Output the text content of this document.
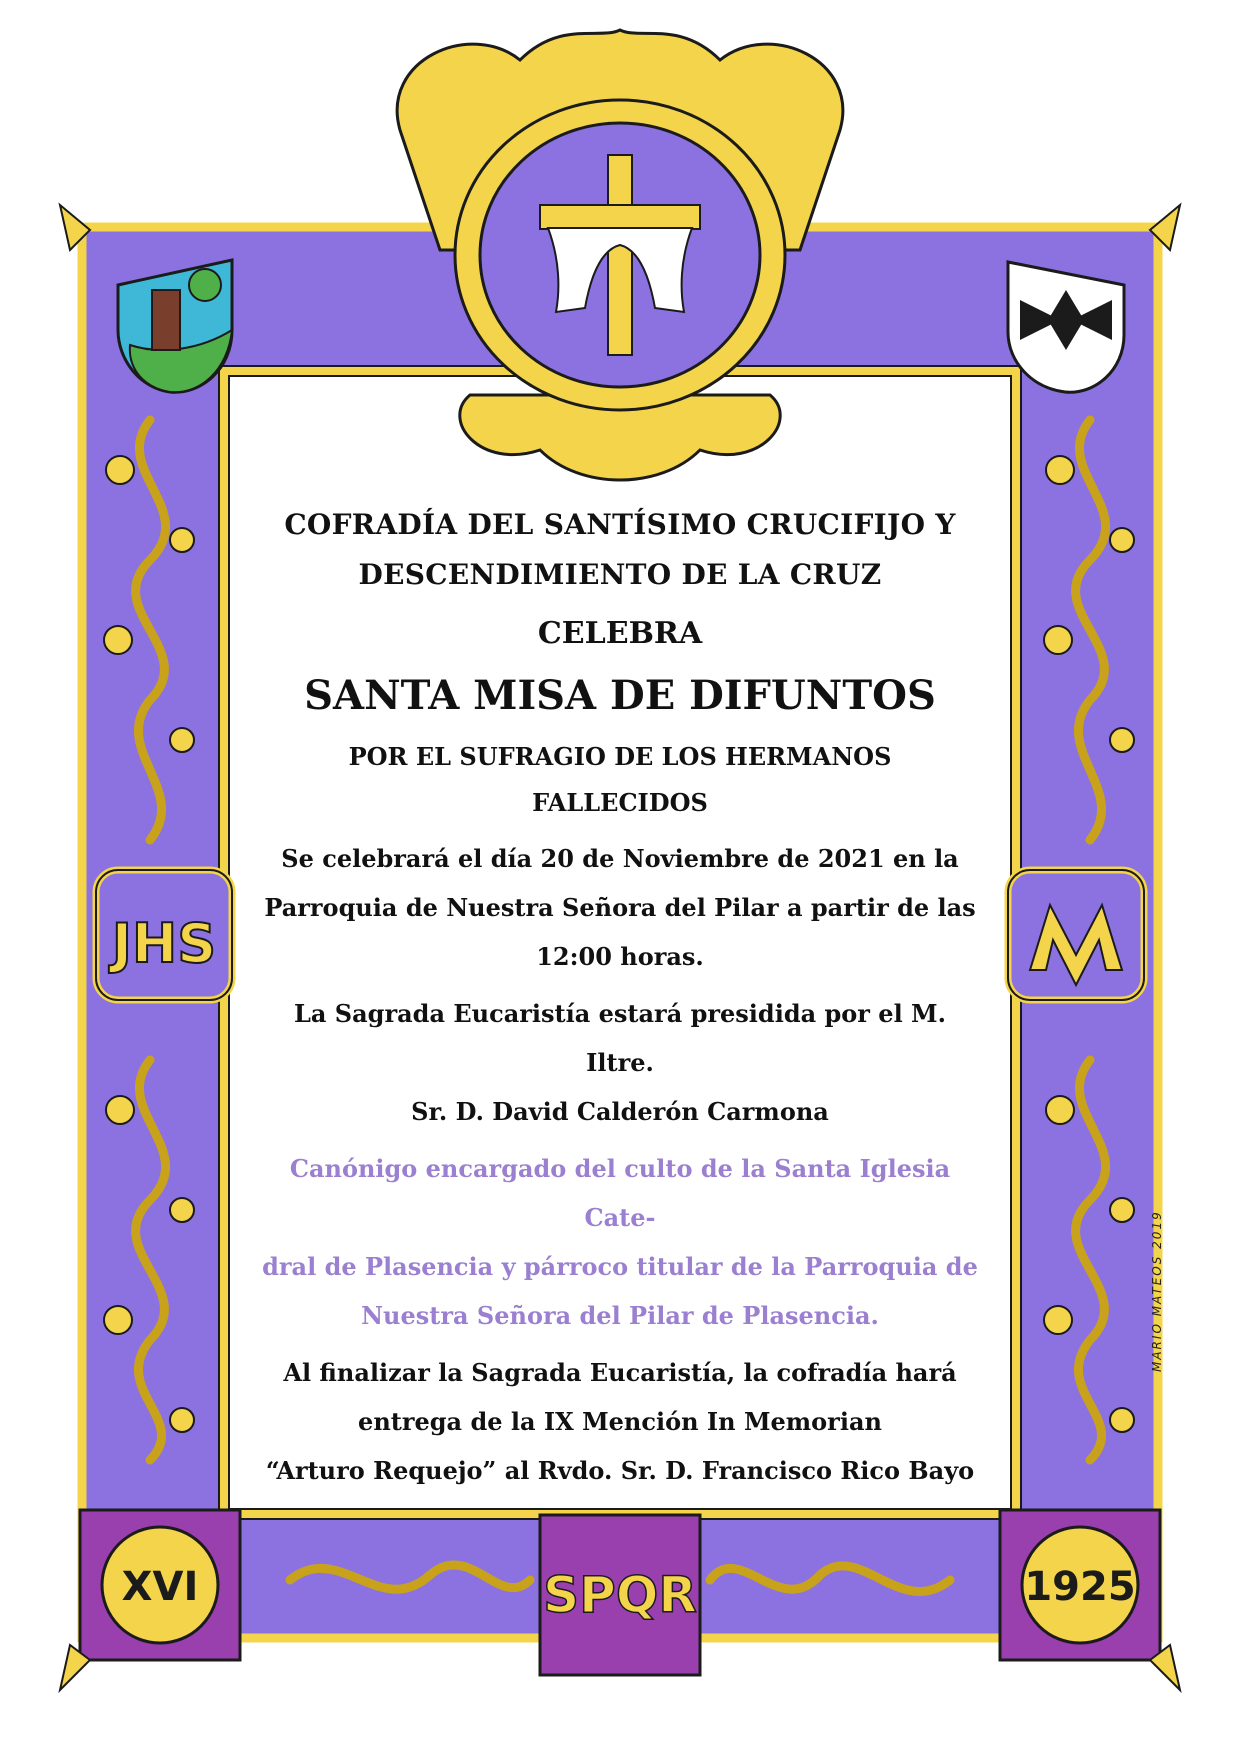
JHS
XVI	SPQR	1925
MARIO MATEOS 2019

COFRADÍA DEL SANTÍSIMO CRUCIFIJO Y

DESCENDIMIENTO DE LA CRUZ

CELEBRA

SANTA MISA DE DIFUNTOS

POR EL SUFRAGIO DE LOS HERMANOS

FALLECIDOS

Se celebrará el día 20 de Noviembre de 2021 en la

Parroquia de Nuestra Señora del Pilar a partir de las

12:00 horas.

La Sagrada Eucaristía estará presidida por el M. Iltre.

Sr. D. David Calderón Carmona

Canónigo encargado del culto de la Santa Iglesia Cate-

dral de Plasencia y párroco titular de la Parroquia de

Nuestra Señora del Pilar de Plasencia.

Al finalizar la Sagrada Eucaristía, la cofradía hará

entrega de la IX Mención In Memorian

“Arturo Requejo” al Rvdo. Sr. D. Francisco Rico Bayo
